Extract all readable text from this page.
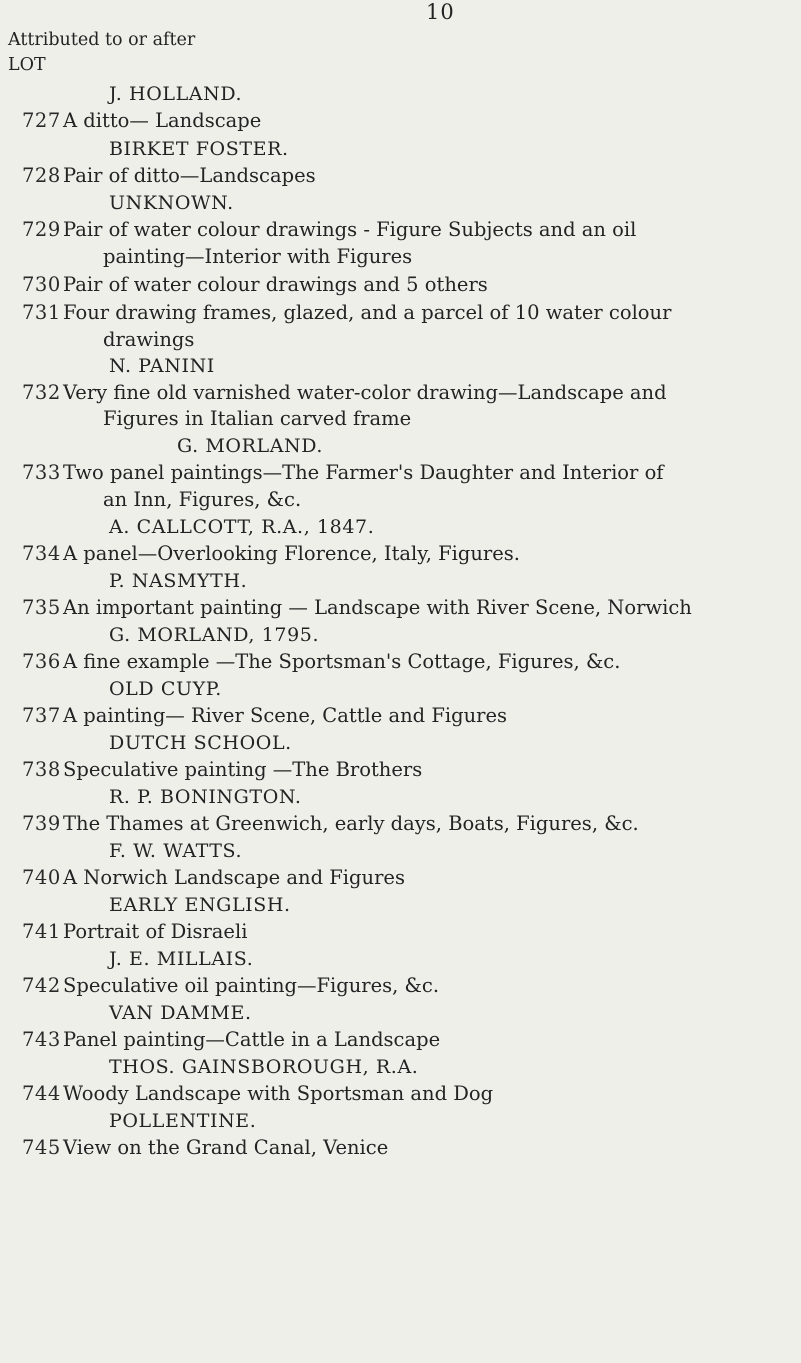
10
Attributed to or after
LOT
J. HOLLAND.
727 A ditto— Landscape
BIRKET FOSTER.
728 Pair of ditto—Landscapes
UNKNOWN.
729 Pair of water colour drawings - Figure Subjects and an oil
painting—Interior with Figures
730 Pair of water colour drawings and 5 others
731 Four drawing frames, glazed, and a parcel of 10 water colour
drawings
N. PANINI
732 Very fine old varnished water-color drawing—Landscape and
Figures in Italian carved frame
G. MORLAND.
733 Two panel paintings—The Farmer's Daughter and Interior of
an Inn, Figures, &c.
A. CALLCOTT, R.A., 1847.
734 A panel—Overlooking Florence, Italy, Figures.
P. NASMYTH.
735 An important painting — Landscape with River Scene, Norwich
G. MORLAND, 1795.
736 A fine example —The Sportsman's Cottage, Figures, &c.
OLD CUYP.
737 A painting— River Scene, Cattle and Figures
DUTCH SCHOOL.
738 Speculative painting —The Brothers
R. P. BONINGTON.
739 The Thames at Greenwich, early days, Boats, Figures, &c.
F. W. WATTS.
740 A Norwich Landscape and Figures
EARLY ENGLISH.
741 Portrait of Disraeli
J. E. MILLAIS.
742 Speculative oil painting—Figures, &c.
VAN DAMME.
743 Panel painting—Cattle in a Landscape
THOS. GAINSBOROUGH, R.A.
744 Woody Landscape with Sportsman and Dog
POLLENTINE.
745 View on the Grand Canal, Venice
